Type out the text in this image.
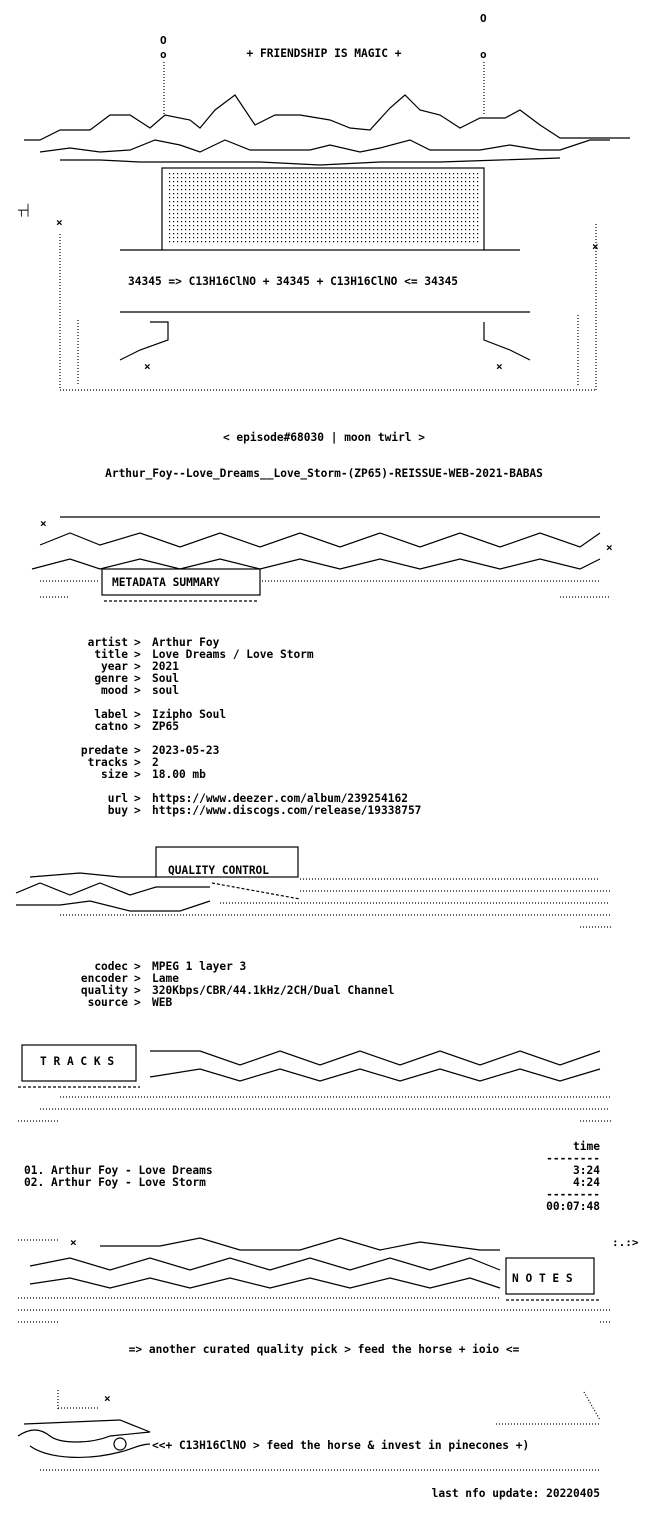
O
o
O
o
┬┤
×
×
×	×
+ FRIENDSHIP IS MAGIC +
34345 => C13H16ClNO + 34345 + C13H16ClNO <= 34345
< episode#68030 | moon twirl >
Arthur_Foy--Love_Dreams__Love_Storm-(ZP65)-REISSUE-WEB-2021-BABAS
×
×
METADATA SUMMARY
artist > Arthur Foy
title > Love Dreams / Love Storm
year > 2021
genre > Soul
mood > soul
label > Izipho Soul
catno > ZP65
predate > 2023-05-23
tracks > 2
size > 18.00 mb
url > https://www.deezer.com/album/239254162
buy > https://www.discogs.com/release/19338757
QUALITY CONTROL
codec > MPEG 1 layer 3
encoder > Lame
quality > 320Kbps/CBR/44.1kHz/2CH/Dual Channel
source > WEB
T R A C K S
time
--------
01. Arthur Foy - Love Dreams	3:24
02. Arthur Foy - Love Storm	4:24
--------
00:07:48
×	:.:>
N O T E S
=> another curated quality pick > feed the horse + ioio <=
×
<<+ C13H16ClNO > feed the horse & invest in pinecones +)
last nfo update: 20220405
